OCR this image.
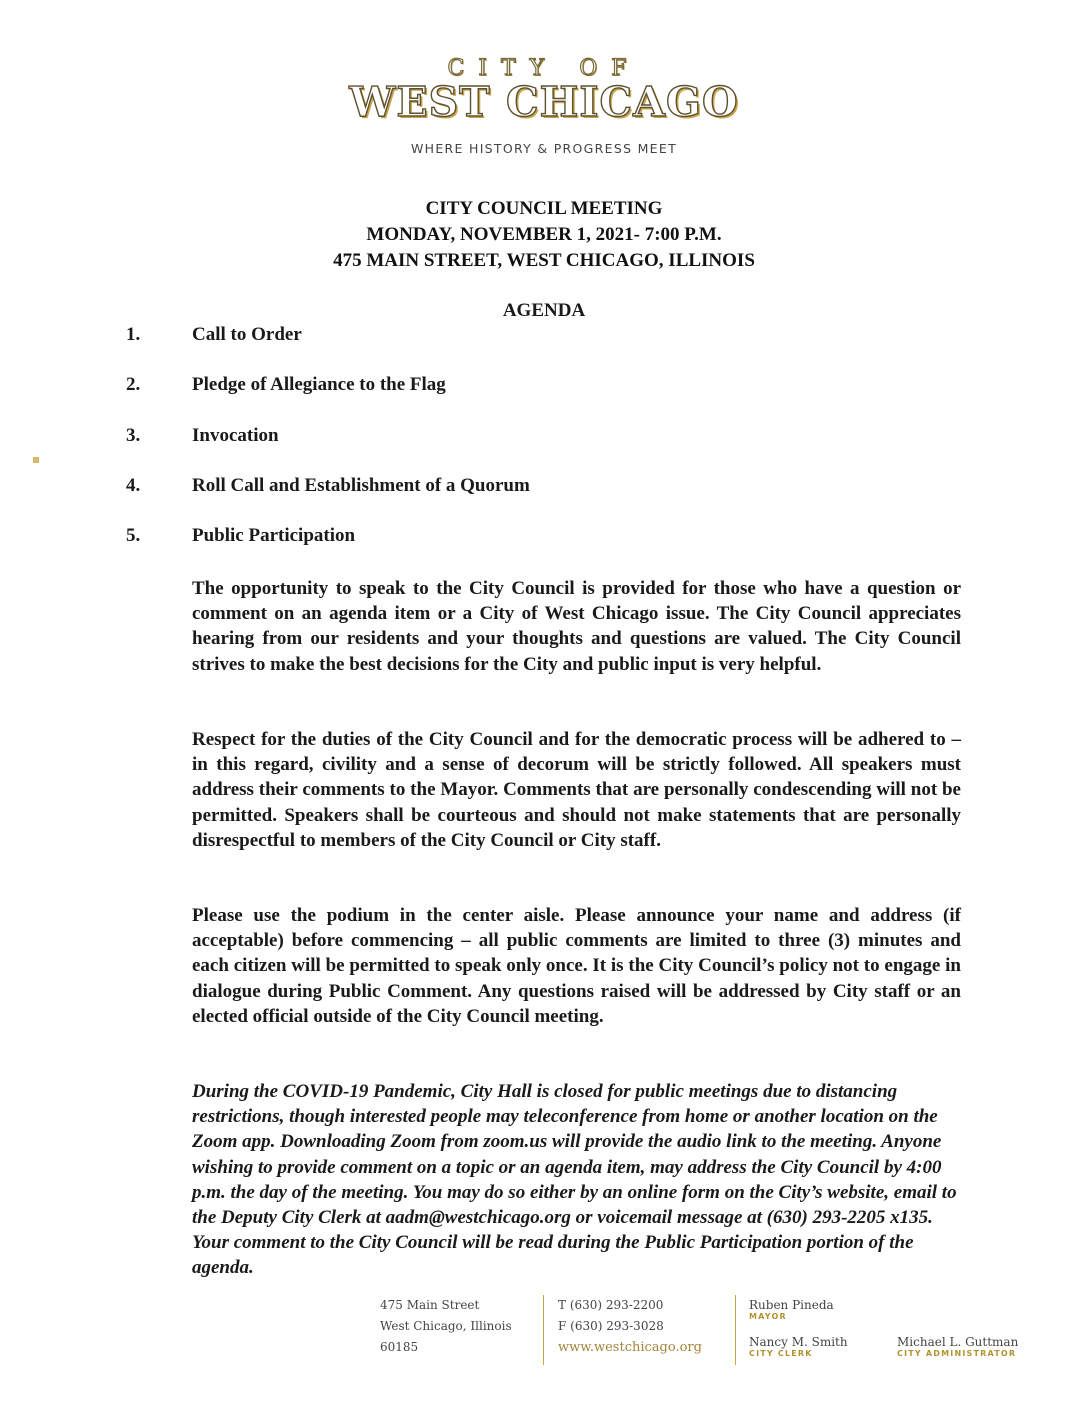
CITY OF
WEST CHICAGO
WHERE HISTORY & PROGRESS MEET
CITY COUNCIL MEETING
MONDAY, NOVEMBER 1, 2021- 7:00 P.M.
475 MAIN STREET, WEST CHICAGO, ILLINOIS
AGENDA
1.	Call to Order
2.	Pledge of Allegiance to the Flag
3.	Invocation
4.	Roll Call and Establishment of a Quorum
5.	Public Participation

The opportunity to speak to the City Council is provided for those who have a question or comment on an agenda item or a City of West Chicago issue. The City Council appreciates hearing from our residents and your thoughts and questions are valued. The City Council strives to make the best decisions for the City and public input is very helpful.

Respect for the duties of the City Council and for the democratic process will be adhered to – in this regard, civility and a sense of decorum will be strictly followed. All speakers must address their comments to the Mayor. Comments that are personally condescending will not be permitted. Speakers shall be courteous and should not make statements that are personally disrespectful to members of the City Council or City staff.

Please use the podium in the center aisle. Please announce your name and address (if acceptable) before commencing – all public comments are limited to three (3) minutes and each citizen will be permitted to speak only once. It is the City Council’s policy not to engage in dialogue during Public Comment. Any questions raised will be addressed by City staff or an elected official outside of the City Council meeting.

During the COVID-19 Pandemic, City Hall is closed for public meetings due to distancing restrictions, though interested people may teleconference from home or another location on the Zoom app. Downloading Zoom from zoom.us will provide the audio link to the meeting. Anyone wishing to provide comment on a topic or an agenda item, may address the City Council by 4:00 p.m. the day of the meeting. You may do so either by an online form on the City’s website, email to the Deputy City Clerk at aadm@westchicago.org or voicemail message at (630) 293-2205 x135. Your comment to the City Council will be read during the Public Participation portion of the agenda.

475 Main Street
West Chicago, Illinois
60185
T (630) 293-2200
F (630) 293-3028
www.westchicago.org
Ruben Pineda
MAYOR
Nancy M. Smith
CITY CLERK
Michael L. Guttman
CITY ADMINISTRATOR
